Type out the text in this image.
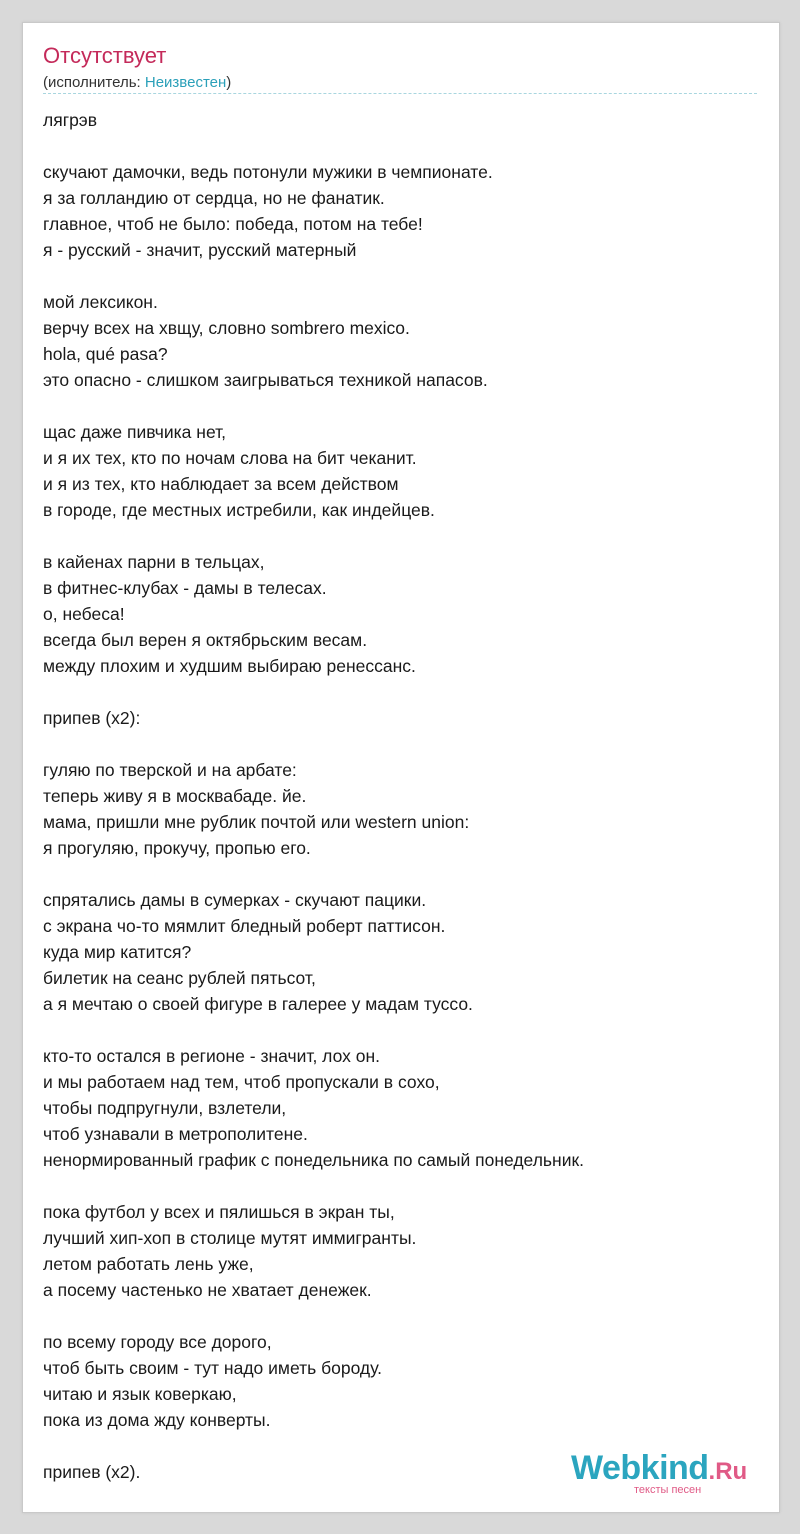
Отсутствует
(исполнитель: Неизвестен)
лягрэв
скучают дамочки, ведь потонули мужики в чемпионате.
я за голландию от сердца, но не фанатик.
главное, чтоб не было: победа, потом на тебе!
я - русский - значит, русский матерный
мой лексикон.
верчу всех на хвщу, словно sombrero mexico.
hola, qué pasa?
это опасно - слишком заигрываться техникой напасов.
щас даже пивчика нет,
и я их тех, кто по ночам слова на бит чеканит.
и я из тех, кто наблюдает за всем действом
в городе, где местных истребили, как индейцев.
в кайенах парни в тельцах,
в фитнес-клубах - дамы в телесах.
о, небеса!
всегда был верен я октябрьским весам.
между плохим и худшим выбираю ренессанс.
припев (х2):
гуляю по тверской и на арбате:
теперь живу я в москвабаде. йе.
мама, пришли мне рублик почтой или western union:
я прогуляю, прокучу, пропью его.
спрятались дамы в сумерках - скучают пацики.
с экрана чо-то мямлит бледный роберт паттисон.
куда мир катится?
билетик на сеанс рублей пятьсот,
а я мечтаю о своей фигуре в галерее у мадам туссо.
кто-то остался в регионе - значит, лох он.
и мы работаем над тем, чтоб пропускали в сохо,
чтобы подпругнули, взлетели,
чтоб узнавали в метрополитене.
ненормированный график с понедельника по самый понедельник.
пока футбол у всех и пялишься в экран ты,
лучший хип-хоп в столице мутят иммигранты.
летом работать лень уже,
а посему частенько не хватает денежек.
по всему городу все дорого,
чтоб быть своим - тут надо иметь бороду.
читаю и язык коверкаю,
пока из дома жду конверты.
припев (х2).	Webkind.Ru
тексты песен
